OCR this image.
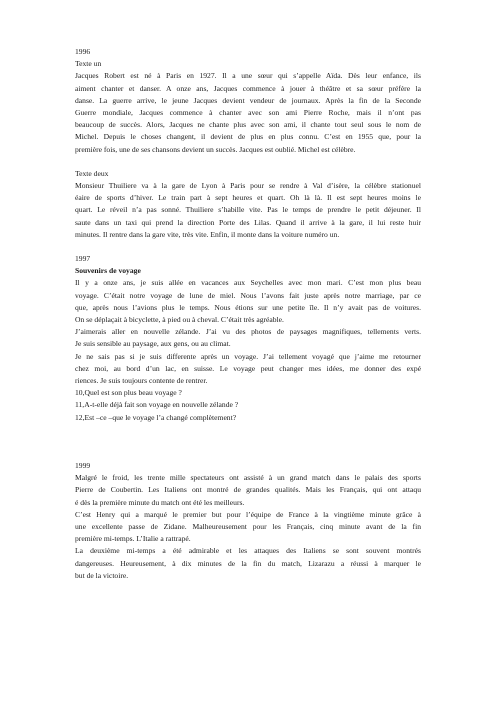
1996
Texte un
Jacques Robert est né à Paris en 1927. Il a une sœur qui s’appelle Aïda. Dès leur enfance, ils
aiment chanter et danser. A onze ans, Jacques commence à jouer à théâtre et sa sœur préfère la
danse. La guerre arrive, le jeune Jacques devient vendeur de journaux. Après la fin de la Seconde
Guerre mondiale, Jacques commence à chanter avec son ami Pierre Roche, mais il n’ont pas
beaucoup de succès. Alors, Jacques ne chante plus avec son ami, il chante tout seul sous le nom de
Michel. Depuis le choses changent, il devient de plus en plus connu. C’est en 1955 que, pour la
première fois, une de ses chansons devient un succès. Jacques est oublié. Michel est célèbre.
Texte deux
Monsieur Thuiliere va à la gare de Lyon à Paris pour se rendre à Val d’isère, la célèbre stationuel
éaire de sports d’hiver. Le train part à sept heures et quart. Oh là là. Il est sept heures moins le
quart. Le réveil n’a pas sonné. Thuiliere s’habille vite. Pas le temps de prendre le petit déjeuner. Il
saute dans un taxi qui prend la direction Porte des Lilas. Quand il arrive à la gare, il lui reste huir
minutes. Il rentre dans la gare vite, très vite. Enfin, il monte dans la voiture numéro un.
1997
Souvenirs de voyage
Il y a onze ans, je suis allée en vacances aux Seychelles avec mon mari. C’est mon plus beau
voyage. C’était notre voyage de lune de miel. Nous l’avons fait juste après notre marriage, par ce
que, après nous l’avions plus le temps. Nous étions sur une petite île. Il n’y avait pas de voitures.
On se déplaçait à bicyclette, à pied ou à cheval. C’était très agréable.
J’aimerais aller en nouvelle zélande. J’ai vu des photos de paysages magnifiques, tellements verts.
Je suis sensible au paysage, aux gens, ou au climat.
Je ne sais pas si je suis differente après un voyage. J’ai tellement voyagé que j’aime me retourner
chez moi, au bord d’un lac, en suisse. Le voyage peut changer mes idées, me donner des expé
riences. Je suis toujours contente de rentrer.
10,Quel est son plus beau voyage ?
11,A-t-elle déjà fait son voyage en nouvelle zélande ?
12,Est –ce –que le voyage l’a changé complètement?
1999
Malgré le froid, les trente mille spectateurs ont assisté à un grand match dans le palais des sports
Pierre de Coubertin. Les Italiens ont montré de grandes qualités. Mais les Français, qui ont attaqu
é dès la première minute du match ont été les meilleurs.
C’est Henry qui a marqué le premier but pour l’équipe de France à la vingtième minute grâce à
une excellente passe de Zidane. Malheureusement pour les Français, cinq minute avant de la fin
première mi-temps. L’Italie a rattrapé.
La deuxième mi-temps a été admirable et les attaques des Italiens se sont souvent montrés
dangereuses. Heureusement, à dix minutes de la fin du match, Lizarazu a réussi à marquer le
but de la victoire.
